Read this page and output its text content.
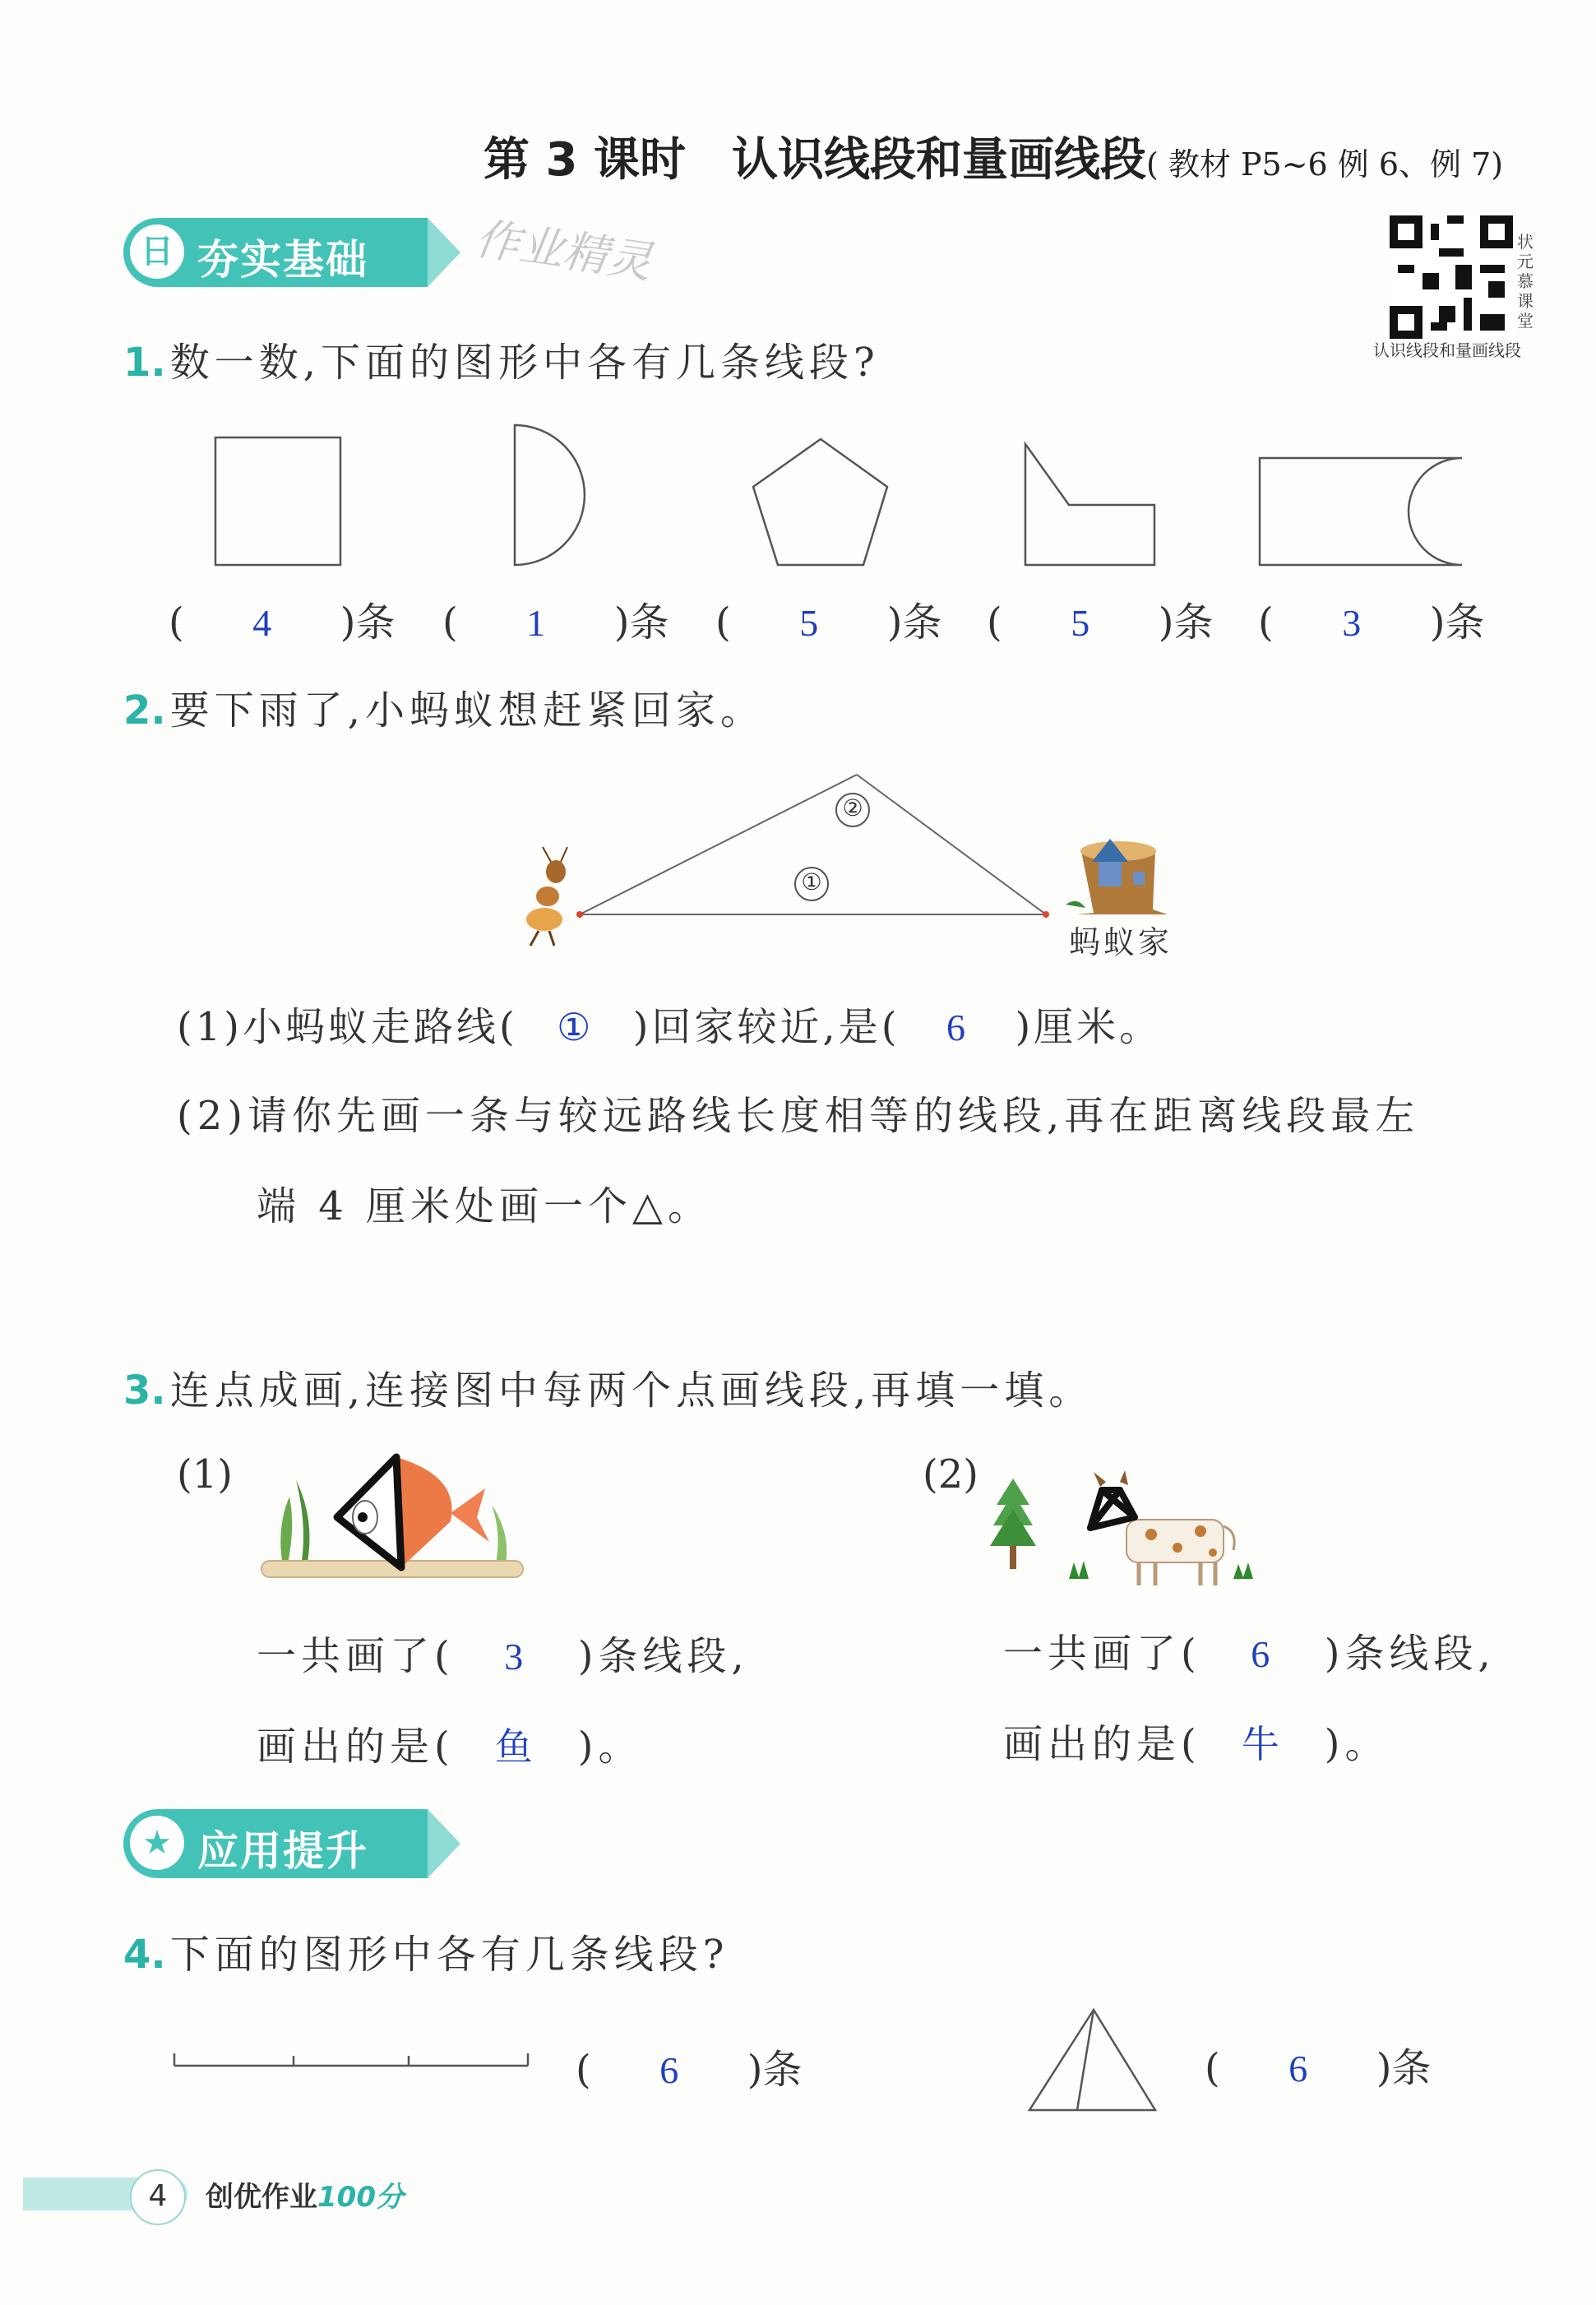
第 3 课时　认识线段和量画线段( 教材 P5~6 例 6、例 7)
日 夯实基础 作业精灵	状元慕课堂
认识线段和量画线段
1. 数一数,下面的图形中各有几条线段?
( 4 )条 ( 1 )条 ( 5 )条 ( 5 )条 ( 3 )条
2. 要下雨了,小蚂蚁想赶紧回家。
②
①
蚂蚁家
(1)小蚂蚁走路线( ① )回家较近,是( 6 )厘米。
(2)请你先画一条与较远路线长度相等的线段,再在距离线段最左
端 4 厘米处画一个△。
3. 连点成画,连接图中每两个点画线段,再填一填。
(1)	(2)
一共画了( 3 )条线段,
画出的是( 鱼 )。
一共画了( 6 )条线段,
画出的是( 牛 )。
★ 应用提升
4. 下面的图形中各有几条线段?
( 6 )条	( 6 )条
4	创优作业100分
